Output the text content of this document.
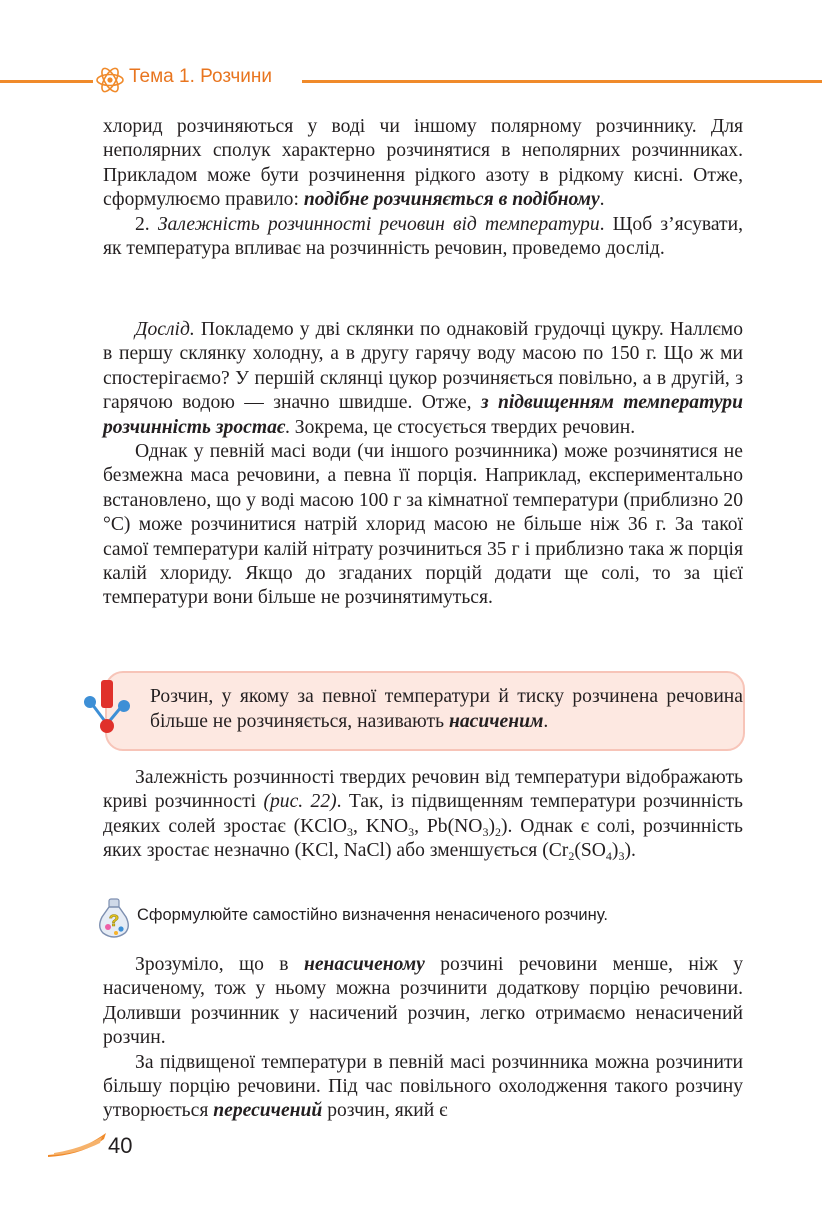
Тема 1. Розчини

хлорид розчиняються у воді чи іншому полярному розчиннику. Для неполярних сполук характерно розчинятися в неполярних розчинниках. Прикладом може бути розчинення рідкого азоту в рідкому кисні. Отже, сформулюємо правило: подібне розчиняється в подібному.

2. Залежність розчинності речовин від температури. Щоб з’ясувати, як температура впливає на розчинність речовин, проведемо дослід.

Дослід. Покладемо у дві склянки по однаковій грудочці цукру. Наллємо в першу склянку холодну, а в другу гарячу воду масою по 150 г. Що ж ми спостерігаємо? У першій склянці цукор розчиняється повільно, а в другій, з гарячою водою — значно швидше. Отже, з підвищенням температури розчинність зростає. Зокрема, це стосується твердих речовин.

Однак у певній масі води (чи іншого розчинника) може розчинятися не безмежна маса речовини, а певна її порція. Наприклад, експериментально встановлено, що у воді масою 100 г за кімнатної температури (приблизно 20 °С) може розчинитися натрій хлорид масою не більше ніж 36 г. За такої самої температури калій нітрату розчиниться 35 г і приблизно така ж порція калій хлориду. Якщо до згаданих порцій додати ще солі, то за цієї температури вони більше не розчинятимуться.

Розчин, у якому за певної температури й тиску розчинена речовина більше не розчиняється, називають насиченим.

Залежність розчинності твердих речовин від температури відображають криві розчинності (рис. 22). Так, із підвищенням температури розчинність деяких солей зростає (KClO$_3$, $KNO_3$, $Pb(NO_3)_2$). Однак є солі, розчинність яких зростає незначно (KCl, NaCl) або зменшується $(Cr_2(SO_4)_3)$.

? Сформулюйте самостійно визначення ненасиченого розчину.

Зрозуміло, що в ненасиченому розчині речовини менше, ніж у насиченому, тож у ньому можна розчинити додаткову порцію речовини. Доливши розчинник у насичений розчин, легко отримаємо ненасичений розчин.

За підвищеної температури в певній масі розчинника можна розчинити більшу порцію речовини. Під час повільного охолодження такого розчину утворюється пересичений розчин, який є

40
